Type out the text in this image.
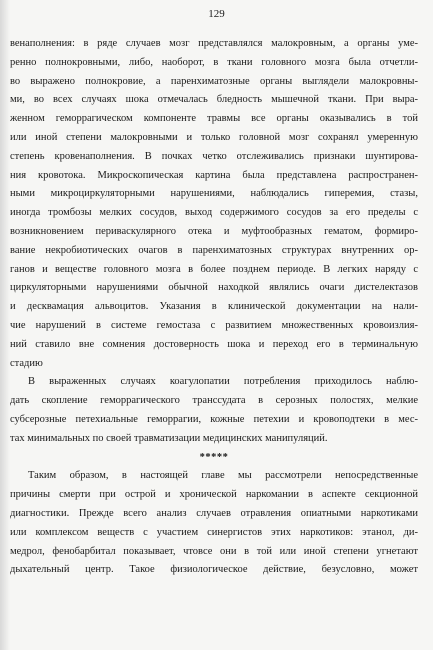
129
венаполнения: в ряде случаев мозг представлялся малокровным, а органы уме-
ренно полнокровными, либо, наоборот, в ткани головного мозга была отчетли-
во выражено полнокровие, а паренхиматозные органы выглядели малокровны-
ми, во всех случаях шока отмечалась бледность мышечной ткани. При выра-
женном геморрагическом компоненте травмы все органы оказывались в той
или иной степени малокровными и только головной мозг сохранял умеренную
степень кровенаполнения. В почках четко отслеживались признаки шунтирова-
ния кровотока. Микроскопическая картина была представлена распространен-
ными микроциркуляторными нарушениями, наблюдались гиперемия, стазы,
иногда тромбозы мелких сосудов, выход содержимого сосудов за его пределы с
возникновением периваскулярного отека и муфтообразных гематом, формиро-
вание некробиотических очагов в паренхиматозных структурах внутренних ор-
ганов и веществе головного мозга в более позднем периоде. В легких наряду с
циркуляторными нарушениями обычной находкой являлись очаги дистелектазов
и десквамация альвоцитов. Указания в клинической документации на нали-
чие нарушений в системе гемостаза с развитием множественных кровоизлия-
ний ставило вне сомнения достоверность шока и переход его в терминальную
стадию
В выраженных случаях коагулопатии потребления приходилось наблю-
дать скопление геморрагического транссудата в серозных полостях, мелкие
субсерозные петехиальные геморрагии, кожные петехии и кровоподтеки в мес-
тах минимальных по своей травматизации медицинских манипуляций.
*****
Таким образом, в настоящей главе мы рассмотрели непосредственные
причины смерти при острой и хронической наркомании в аспекте секционной
диагностики. Прежде всего анализ случаев отравления опиатными наркотиками
или комплексом веществ с участием синергистов этих наркотиков: этанол, ди-
медрол, фенобарбитал показывает, чтовсе они в той или иной степени угнетают
дыхательный центр. Такое физиологическое действие, безусловно, может
